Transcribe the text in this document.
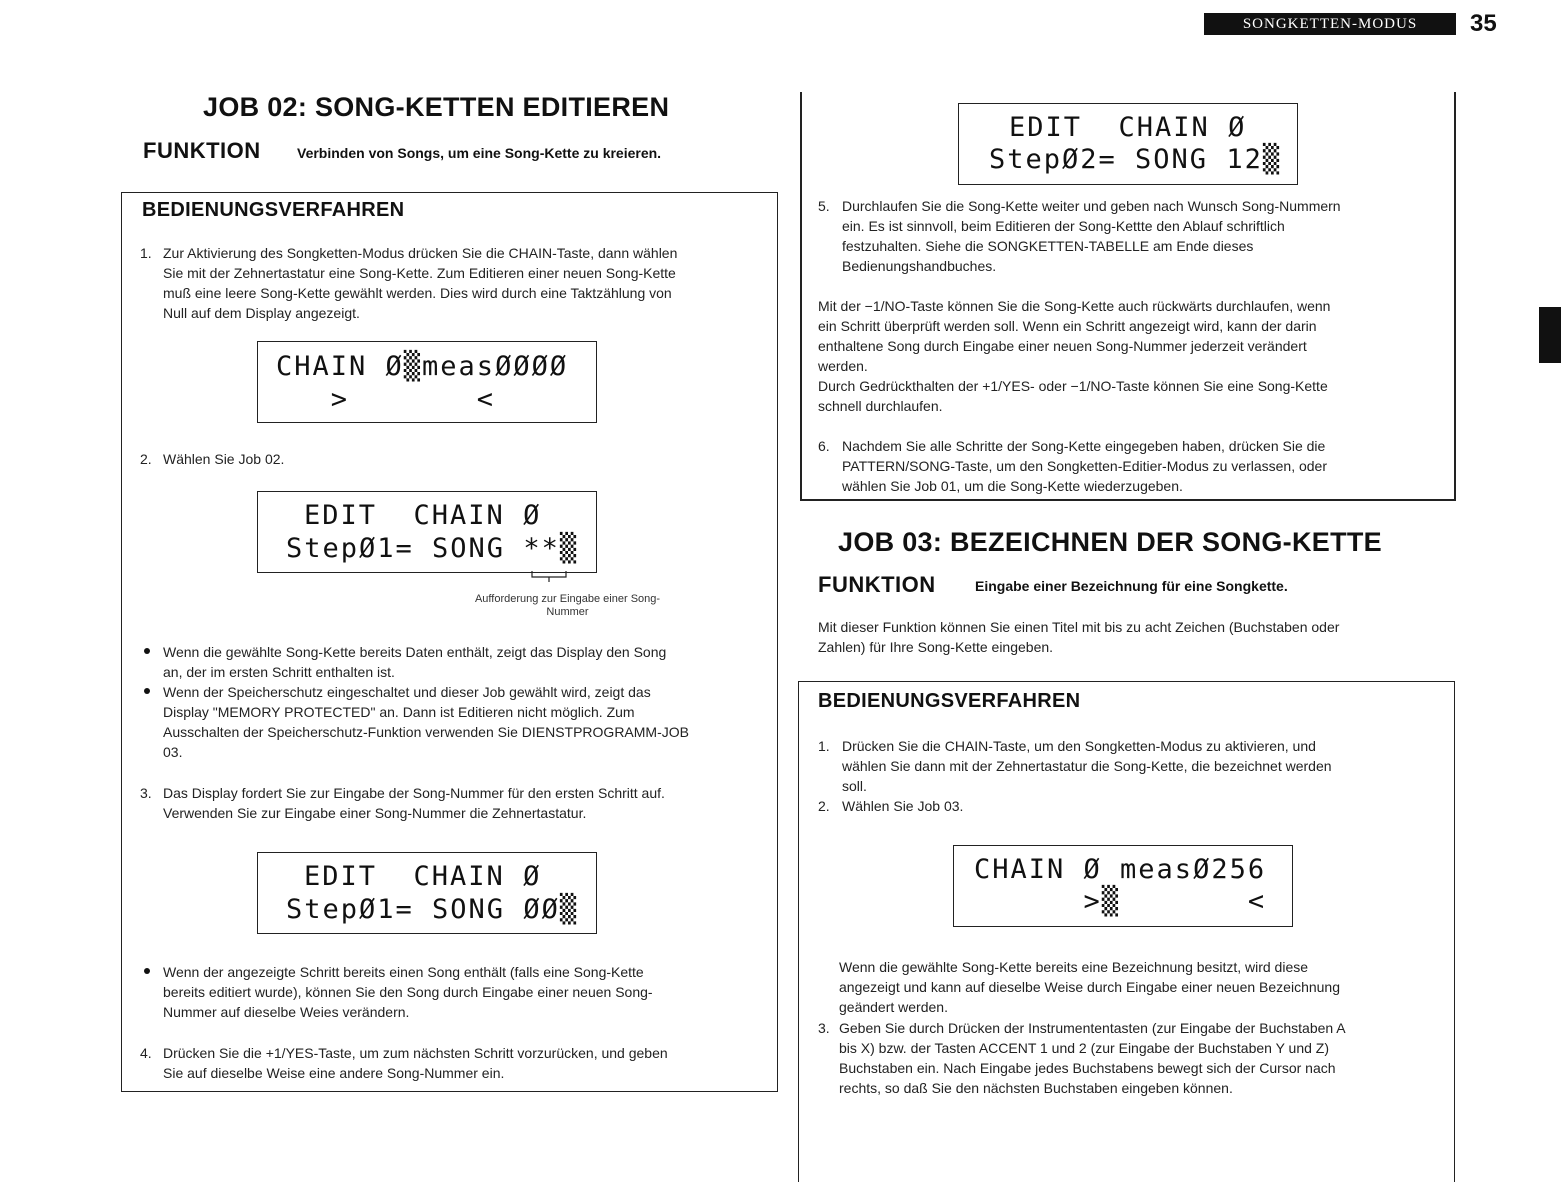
SONGKETTEN-MODUS	35
JOB 02: SONG-KETTEN EDITIEREN
FUNKTION	Verbinden von Songs, um eine Song-Kette zu kreieren.
BEDIENUNGSVERFAHREN
1. Zur Aktivierung des Songketten-Modus drücken Sie die CHAIN-Taste, dann wählen
Sie mit der Zehnertastatur eine Song-Kette. Zum Editieren einer neuen Song-Kette
muß eine leere Song-Kette gewählt werden. Dies wird durch eine Taktzählung von
Null auf dem Display angezeigt.

CHAIN Ø▒measØØØØ

>       <

2. Wählen Sie Job 02.

EDIT  CHAIN Ø

StepØ1= SONG **▒

Aufforderung zur Eingabe einer Song-
Nummer
Wenn die gewählte Song-Kette bereits Daten enthält, zeigt das Display den Song
an, der im ersten Schritt enthalten ist.
Wenn der Speicherschutz eingeschaltet und dieser Job gewählt wird, zeigt das
Display "MEMORY PROTECTED" an. Dann ist Editieren nicht möglich. Zum
Ausschalten der Speicherschutz-Funktion verwenden Sie DIENSTPROGRAMM-JOB
03.
3. Das Display fordert Sie zur Eingabe der Song-Nummer für den ersten Schritt auf.
Verwenden Sie zur Eingabe einer Song-Nummer die Zehnertastatur.

EDIT  CHAIN Ø

StepØ1= SONG ØØ▒

Wenn der angezeigte Schritt bereits einen Song enthält (falls eine Song-Kette
bereits editiert wurde), können Sie den Song durch Eingabe einer neuen Song-
Nummer auf dieselbe Weies verändern.
4. Drücken Sie die +1/YES-Taste, um zum nächsten Schritt vorzurücken, und geben
Sie auf dieselbe Weise eine andere Song-Nummer ein.

EDIT  CHAIN Ø

StepØ2= SONG 12▒

5. Durchlaufen Sie die Song-Kette weiter und geben nach Wunsch Song-Nummern
ein. Es ist sinnvoll, beim Editieren der Song-Kettte den Ablauf schriftlich
festzuhalten. Siehe die SONGKETTEN-TABELLE am Ende dieses
Bedienungshandbuches.
Mit der −1/NO-Taste können Sie die Song-Kette auch rückwärts durchlaufen, wenn
ein Schritt überprüft werden soll. Wenn ein Schritt angezeigt wird, kann der darin
enthaltene Song durch Eingabe einer neuen Song-Nummer jederzeit verändert
werden.
Durch Gedrückthalten der +1/YES- oder −1/NO-Taste können Sie eine Song-Kette
schnell durchlaufen.
6. Nachdem Sie alle Schritte der Song-Kette eingegeben haben, drücken Sie die
PATTERN/SONG-Taste, um den Songketten-Editier-Modus zu verlassen, oder
wählen Sie Job 01, um die Song-Kette wiederzugeben.
JOB 03: BEZEICHNEN DER SONG-KETTE
FUNKTION	Eingabe einer Bezeichnung für eine Songkette.
Mit dieser Funktion können Sie einen Titel mit bis zu acht Zeichen (Buchstaben oder
Zahlen) für Ihre Song-Kette eingeben.
BEDIENUNGSVERFAHREN
1. Drücken Sie die CHAIN-Taste, um den Songketten-Modus zu aktivieren, und
wählen Sie dann mit der Zehnertastatur die Song-Kette, die bezeichnet werden
soll.
2. Wählen Sie Job 03.

CHAIN Ø measØ256

>▒       <

Wenn die gewählte Song-Kette bereits eine Bezeichnung besitzt, wird diese
angezeigt und kann auf dieselbe Weise durch Eingabe einer neuen Bezeichnung
geändert werden.
3. Geben Sie durch Drücken der Instrumententasten (zur Eingabe der Buchstaben A
bis X) bzw. der Tasten ACCENT 1 und 2 (zur Eingabe der Buchstaben Y und Z)
Buchstaben ein. Nach Eingabe jedes Buchstabens bewegt sich der Cursor nach
rechts, so daß Sie den nächsten Buchstaben eingeben können.
